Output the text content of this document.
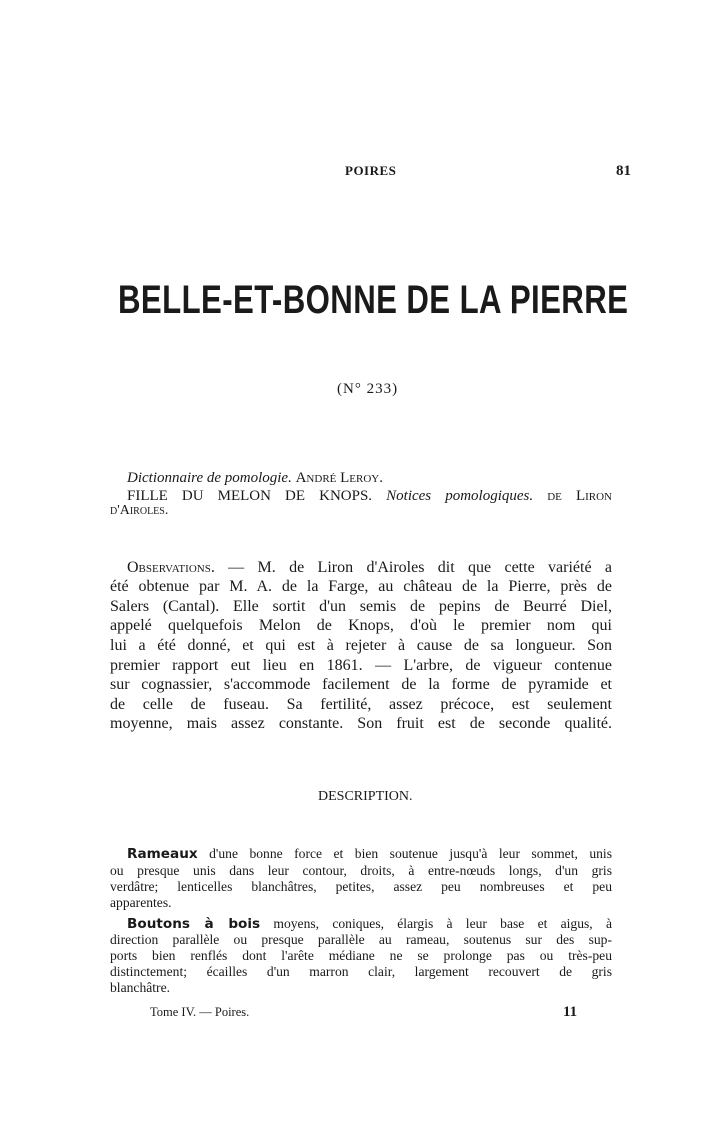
POIRES	81
BELLE-ET-BONNE DE LA PIERRE
(N° 233)
Dictionnaire de pomologie. André Leroy.
FILLE DU MELON DE KNOPS. Notices pomologiques. de Liron
d'Airoles.
Observations. — M. de Liron d'Airoles dit que cette variété a
été obtenue par M. A. de la Farge, au château de la Pierre, près de
Salers (Cantal). Elle sortit d'un semis de pepins de Beurré Diel,
appelé quelquefois Melon de Knops, d'où le premier nom qui
lui a été donné, et qui est à rejeter à cause de sa longueur. Son
premier rapport eut lieu en 1861. — L'arbre, de vigueur contenue
sur cognassier, s'accommode facilement de la forme de pyramide et
de celle de fuseau. Sa fertilité, assez précoce, est seulement
moyenne, mais assez constante. Son fruit est de seconde qualité.
DESCRIPTION.
Rameaux d'une bonne force et bien soutenue jusqu'à leur sommet, unis
ou presque unis dans leur contour, droits, à entre-nœuds longs, d'un gris
verdâtre; lenticelles blanchâtres, petites, assez peu nombreuses et peu
apparentes.
Boutons à bois moyens, coniques, élargis à leur base et aigus, à
direction parallèle ou presque parallèle au rameau, soutenus sur des sup-
ports bien renflés dont l'arête médiane ne se prolonge pas ou très-peu
distinctement; écailles d'un marron clair, largement recouvert de gris
blanchâtre.
Tome IV. — Poires.	11
